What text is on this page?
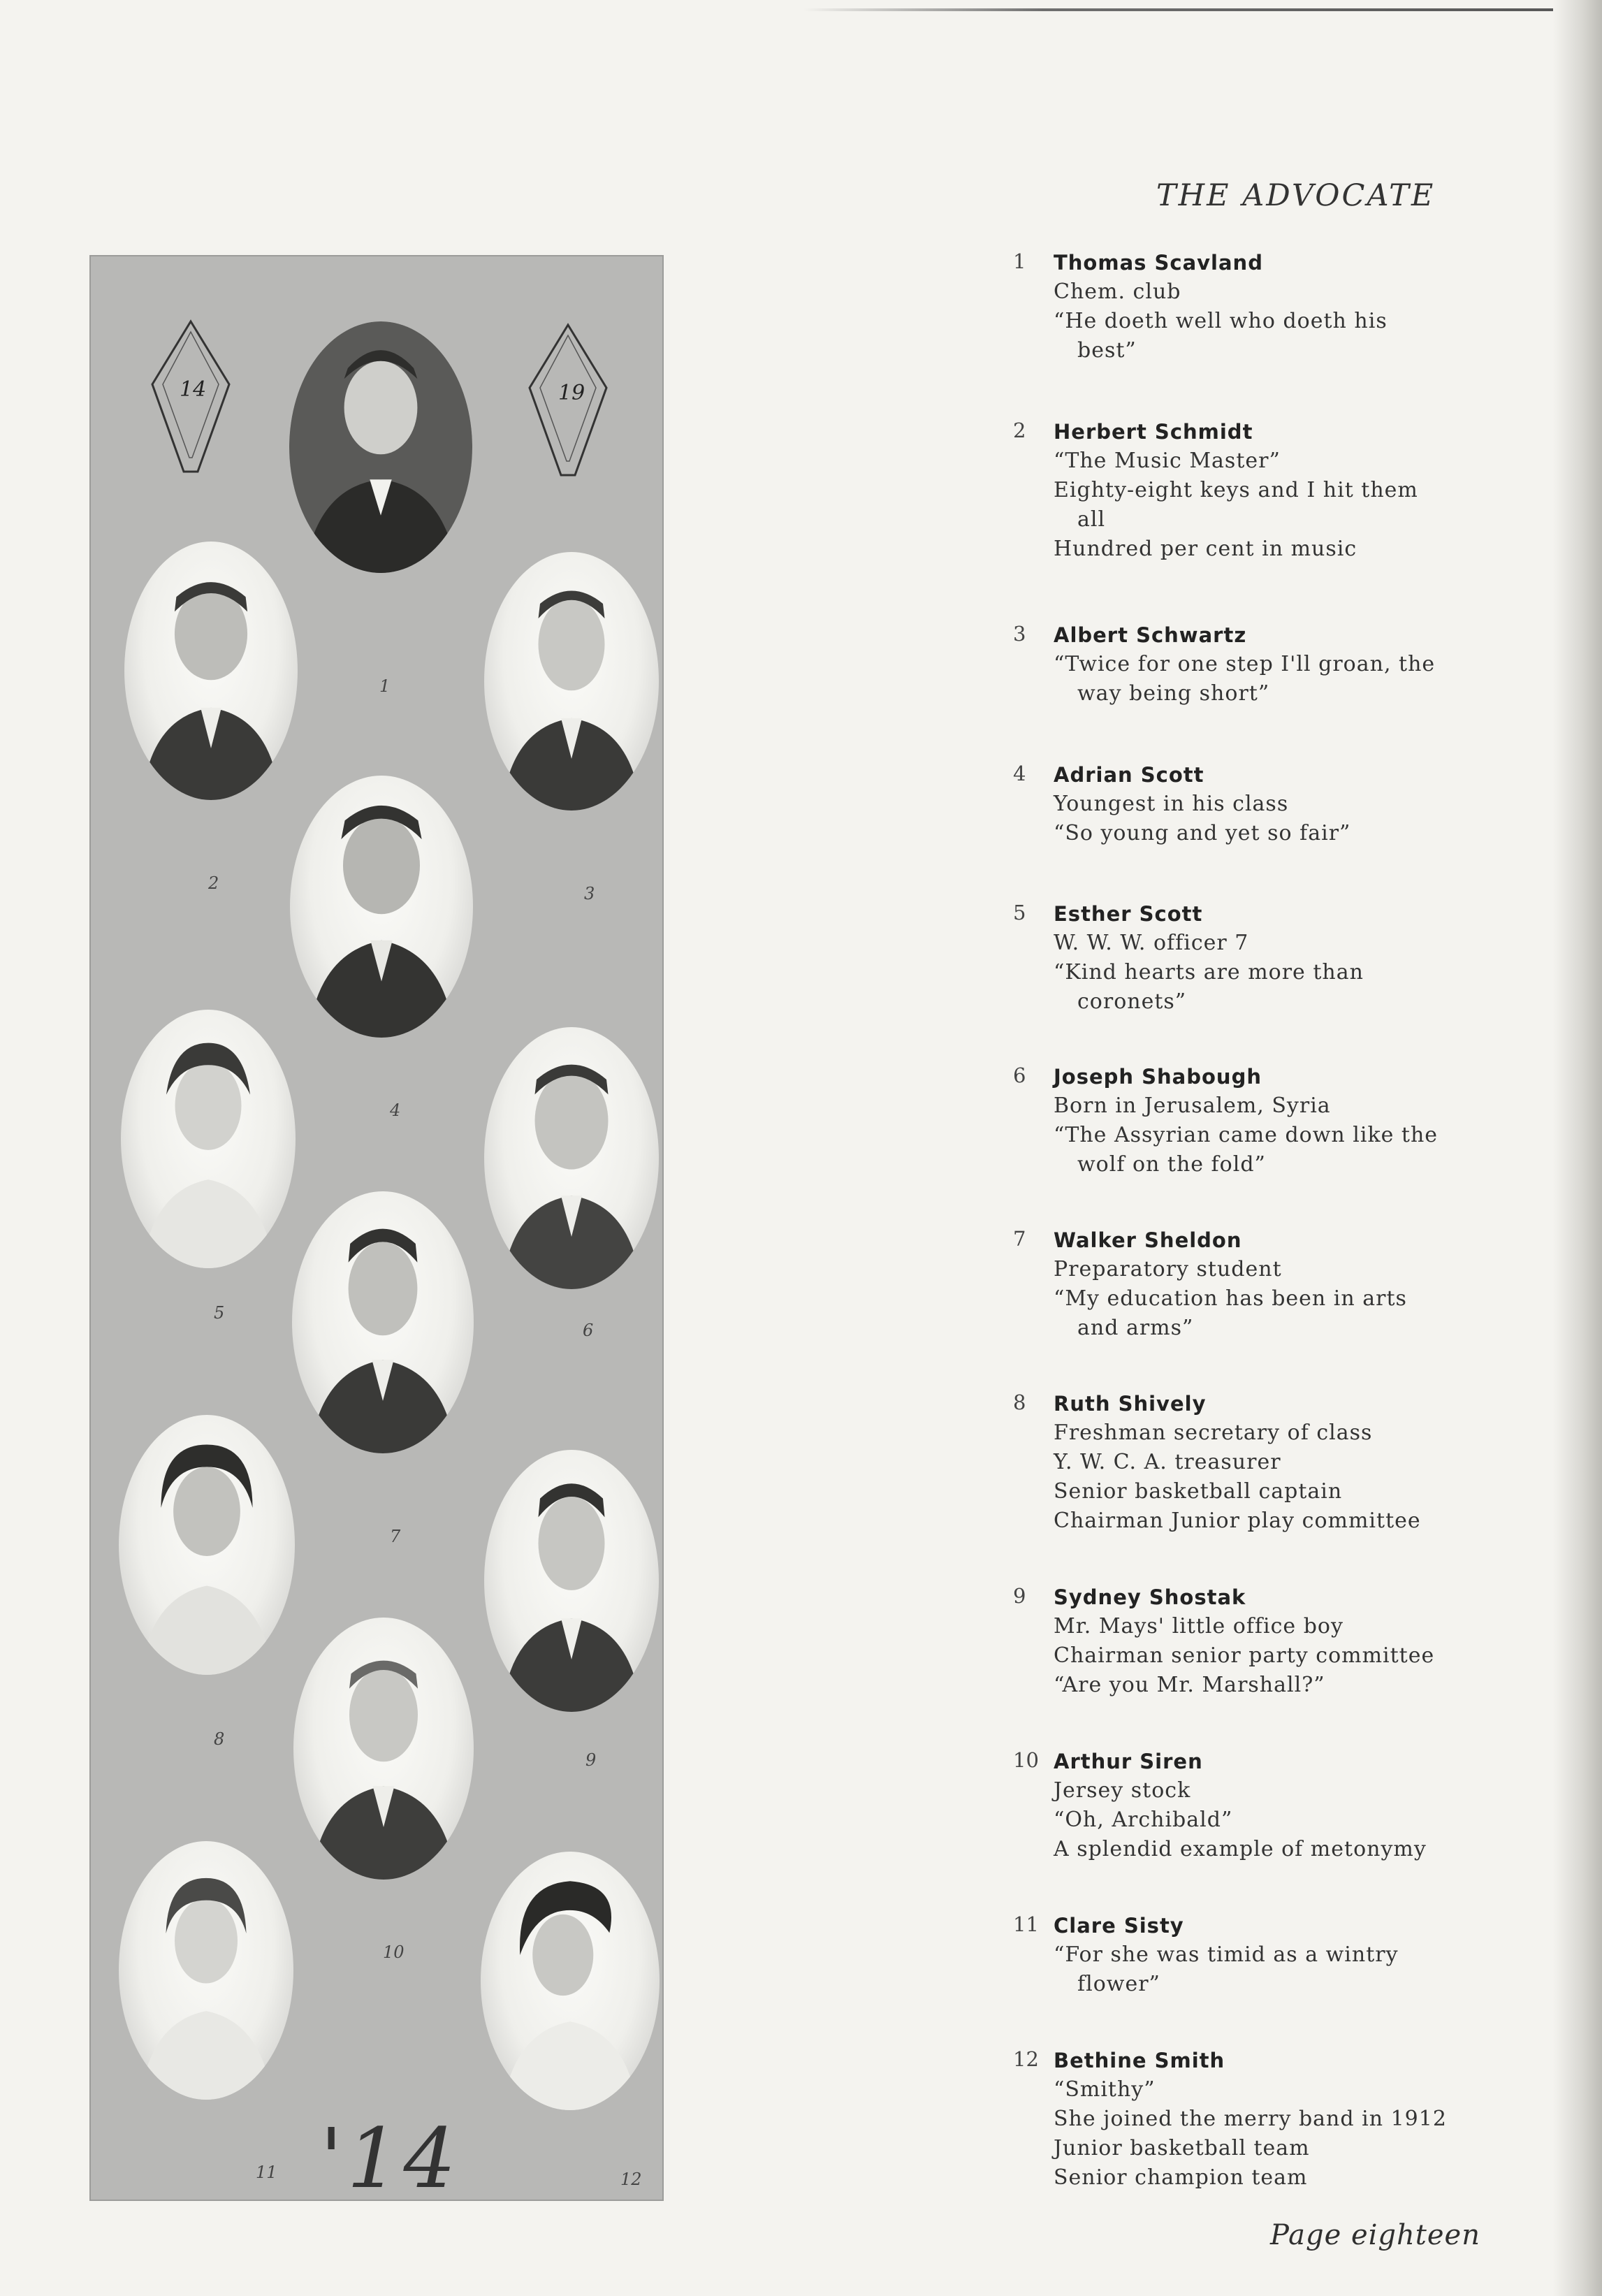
THE ADVOCATE
14	19
1
2
3
4
5
6
7
8
9
10
11	12
'14
1	Thomas Scavland
Chem. club
“He doeth well who doeth his
best”
2	Herbert Schmidt
“The Music Master”
Eighty-eight keys and I hit them
all
Hundred per cent in music
3	Albert Schwartz
“Twice for one step I'll groan, the
way being short”
4	Adrian Scott
Youngest in his class
“So young and yet so fair”
5	Esther Scott
W. W. W. officer 7
“Kind hearts are more than
coronets”
6	Joseph Shabough
Born in Jerusalem, Syria
“The Assyrian came down like the
wolf on the fold”
7	Walker Sheldon
Preparatory student
“My education has been in arts
and arms”
8	Ruth Shively
Freshman secretary of class
Y. W. C. A. treasurer
Senior basketball captain
Chairman Junior play committee
9	Sydney Shostak
Mr. Mays' little office boy
Chairman senior party committee
“Are you Mr. Marshall?”
10 Arthur Siren
Jersey stock
“Oh, Archibald”
A splendid example of metonymy
11 Clare Sisty
“For she was timid as a wintry
flower”
12 Bethine Smith
“Smithy”
She joined the merry band in 1912
Junior basketball team
Senior champion team
Page eighteen
